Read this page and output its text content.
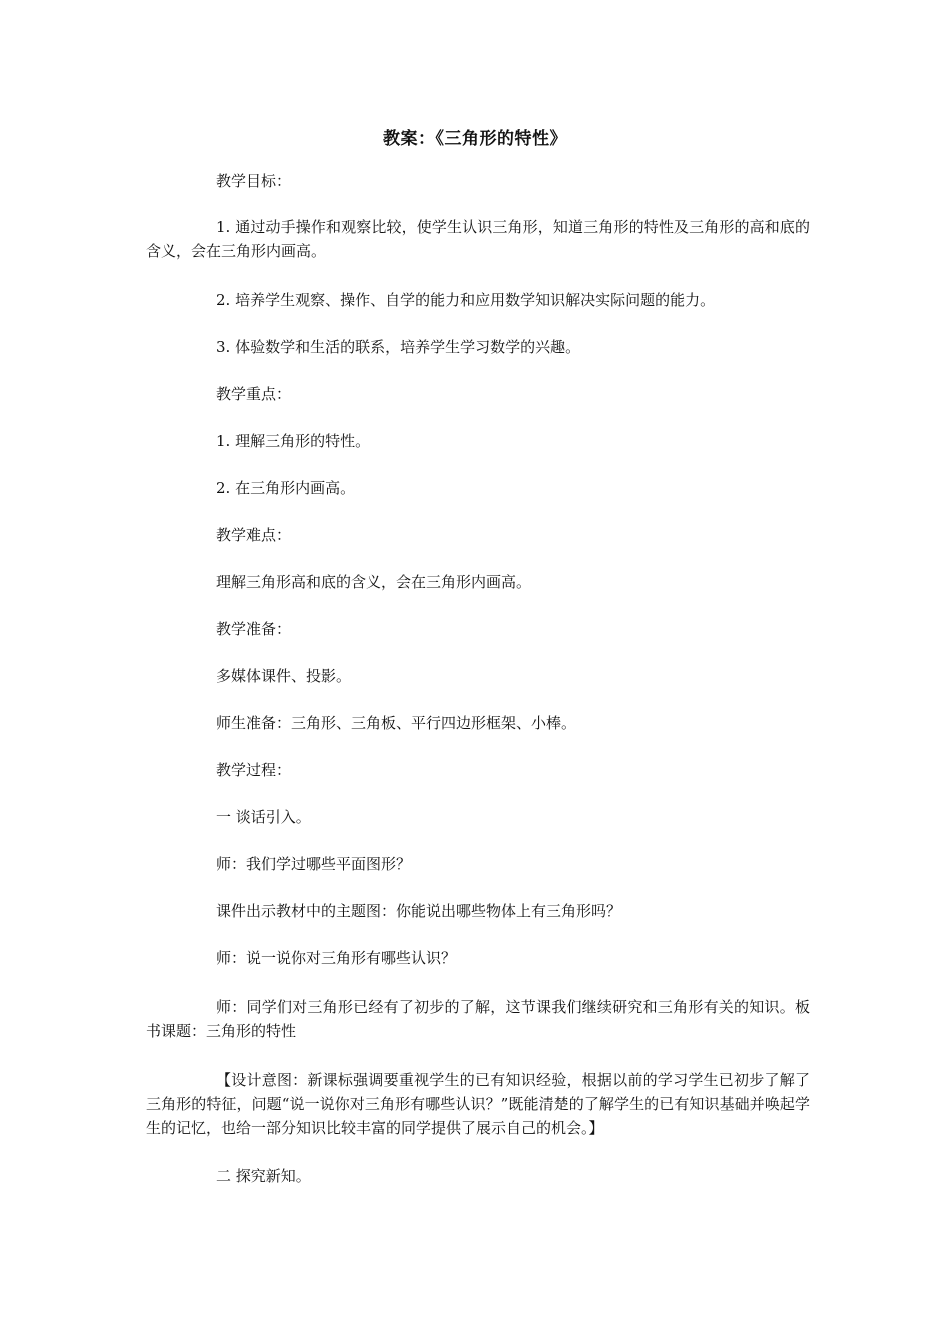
教案：《三角形的特性》
教学目标：
1. 通过动手操作和观察比较，使学生认识三角形，知道三角形的特性及三角形的高和底的含义，会在三角形内画高。
2. 培养学生观察、操作、自学的能力和应用数学知识解决实际问题的能力。
3. 体验数学和生活的联系，培养学生学习数学的兴趣。
教学重点：
1. 理解三角形的特性。
2. 在三角形内画高。
教学难点：
理解三角形高和底的含义，会在三角形内画高。
教学准备：
多媒体课件、投影。
师生准备：三角形、三角板、平行四边形框架、小棒。
教学过程：
一 谈话引入。
师：我们学过哪些平面图形？
课件出示教材中的主题图：你能说出哪些物体上有三角形吗？
师：说一说你对三角形有哪些认识？
师：同学们对三角形已经有了初步的了解，这节课我们继续研究和三角形有关的知识。板书课题：三角形的特性
【设计意图：新课标强调要重视学生的已有知识经验，根据以前的学习学生已初步了解了三角形的特征，问题“说一说你对三角形有哪些认识？”既能清楚的了解学生的已有知识基础并唤起学生的记忆，也给一部分知识比较丰富的同学提供了展示自己的机会。】
二 探究新知。
